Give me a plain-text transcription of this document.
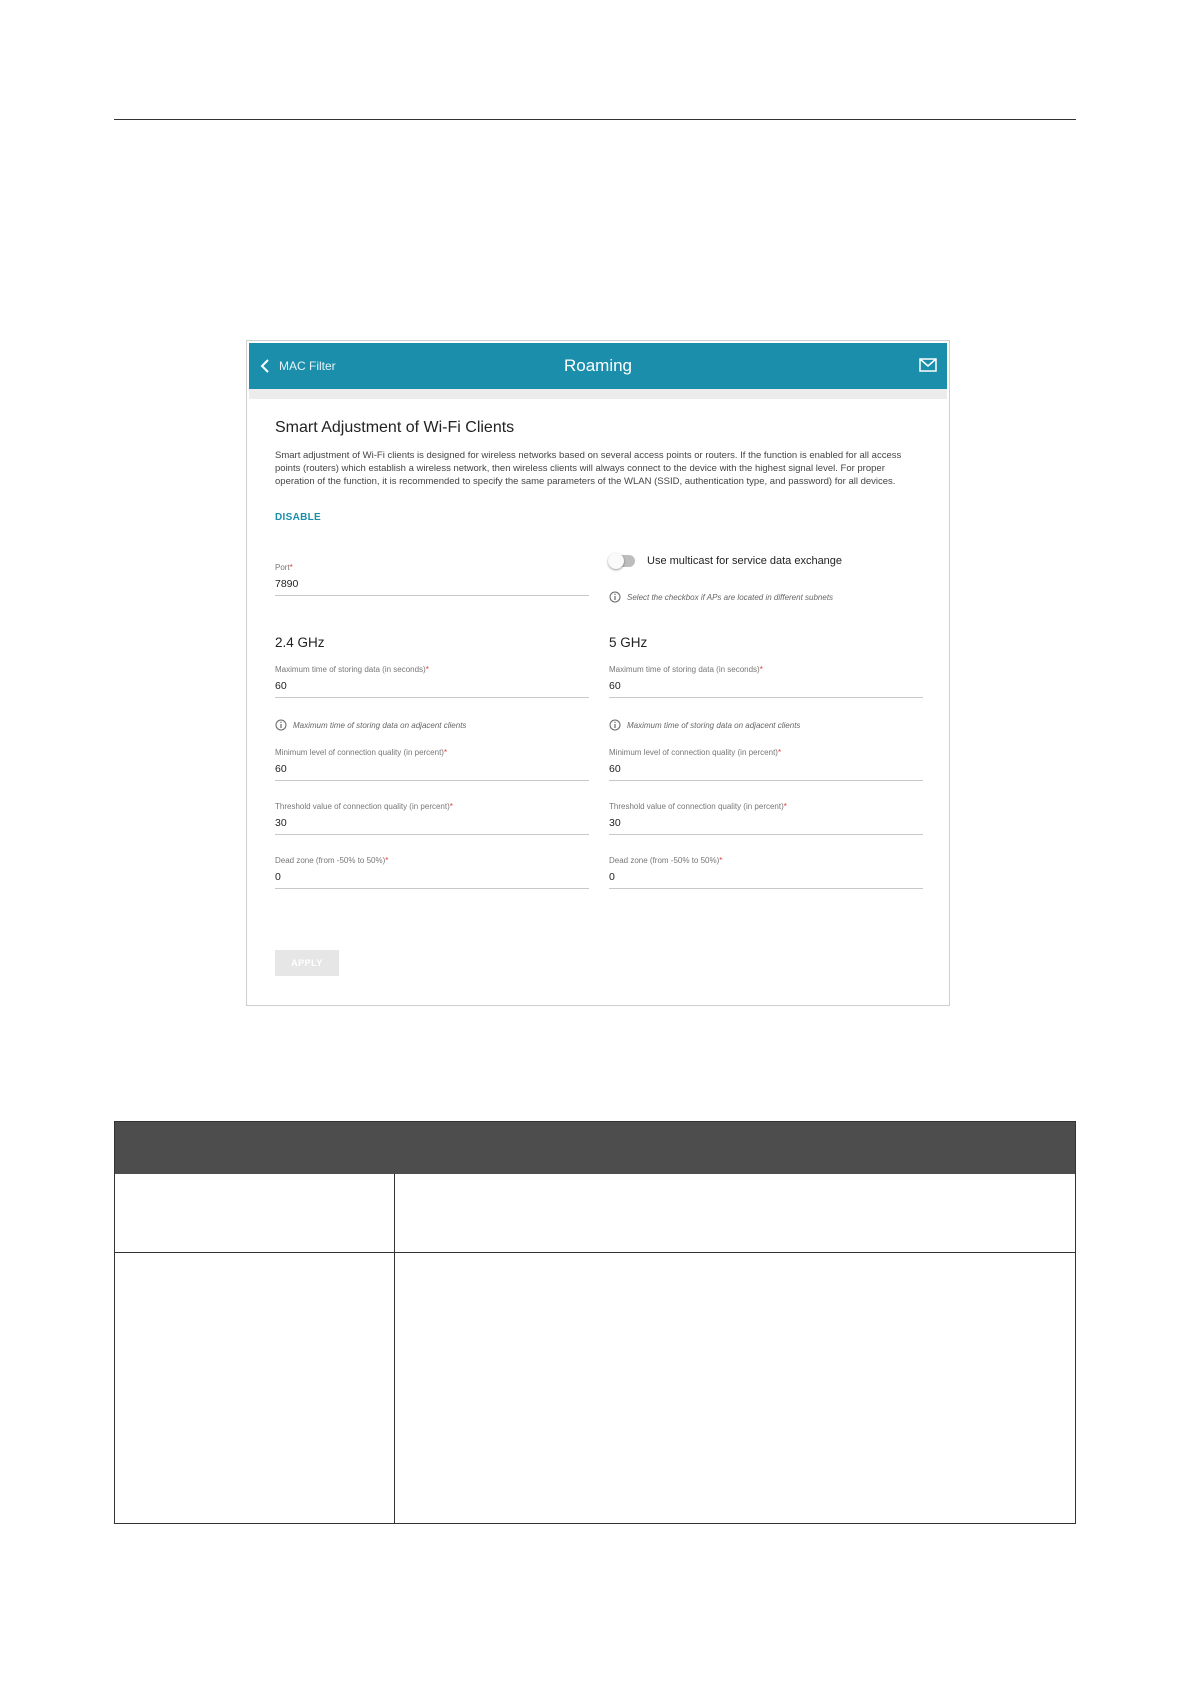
MAC Filter	Roaming
Smart Adjustment of Wi-Fi Clients
Smart adjustment of Wi-Fi clients is designed for wireless networks based on several access points or routers. If the function is enabled for all access points (routers) which establish a wireless network, then wireless clients will always connect to the device with the highest signal level. For proper operation of the function, it is recommended to specify the same parameters of the WLAN (SSID, authentication type, and password) for all devices.
DISABLE
Port*
7890
Use multicast for service data exchange
Select the checkbox if APs are located in different subnets
2.4 GHz	5 GHz
Maximum time of storing data (in seconds)*
60
Maximum time of storing data on adjacent clients
Minimum level of connection quality (in percent)*
60
Threshold value of connection quality (in percent)*
30
Dead zone (from -50% to 50%)*
0
Maximum time of storing data (in seconds)*
60
Maximum time of storing data on adjacent clients
Minimum level of connection quality (in percent)*
60
Threshold value of connection quality (in percent)*
30
Dead zone (from -50% to 50%)*
0
APPLY
